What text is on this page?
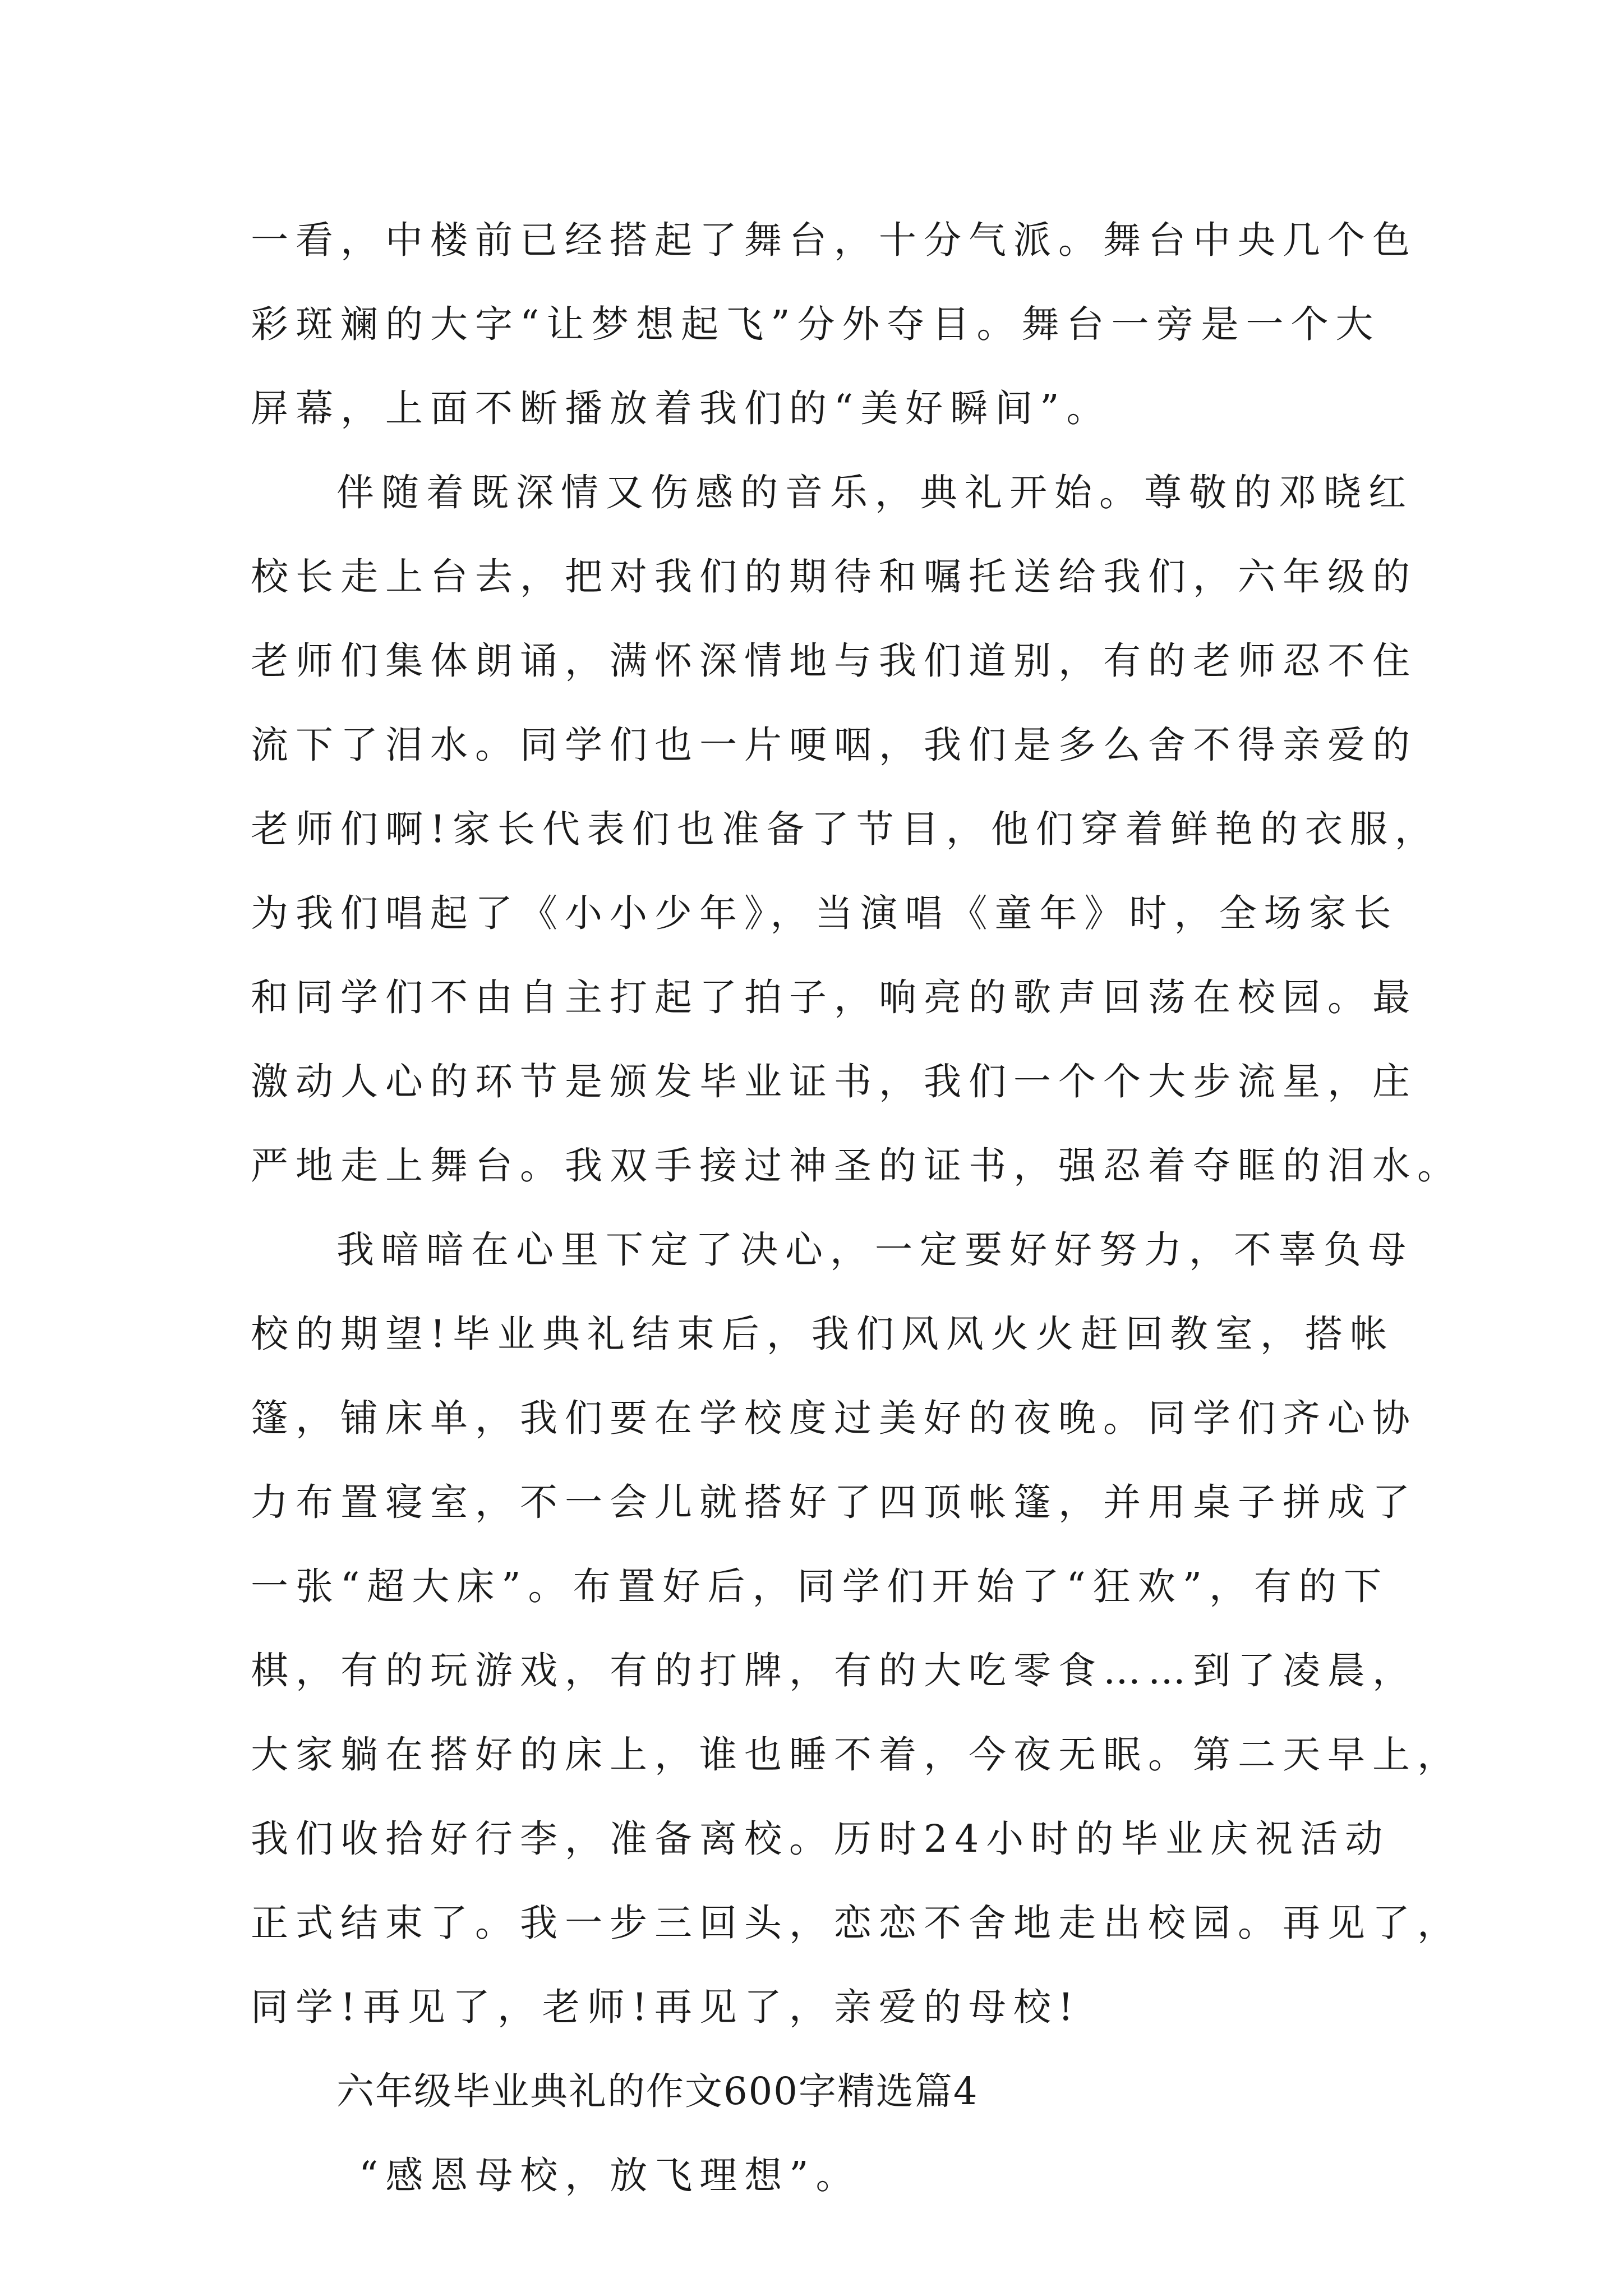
一看，中楼前已经搭起了舞台，十分气派。舞台中央几个色
彩斑斓的大字“让梦想起飞”分外夺目。舞台一旁是一个大
屏幕，上面不断播放着我们的“美好瞬间”。
伴随着既深情又伤感的音乐，典礼开始。尊敬的邓晓红
校长走上台去，把对我们的期待和嘱托送给我们，六年级的
老师们集体朗诵，满怀深情地与我们道别，有的老师忍不住
流下了泪水。同学们也一片哽咽，我们是多么舍不得亲爱的
老师们啊!家长代表们也准备了节目，他们穿着鲜艳的衣服，
为我们唱起了《小小少年》，当演唱《童年》时，全场家长
和同学们不由自主打起了拍子，响亮的歌声回荡在校园。最
激动人心的环节是颁发毕业证书，我们一个个大步流星，庄
严地走上舞台。我双手接过神圣的证书，强忍着夺眶的泪水。
我暗暗在心里下定了决心，一定要好好努力，不辜负母
校的期望!毕业典礼结束后，我们风风火火赶回教室，搭帐
篷，铺床单，我们要在学校度过美好的夜晚。同学们齐心协
力布置寝室，不一会儿就搭好了四顶帐篷，并用桌子拼成了
一张“超大床”。布置好后，同学们开始了“狂欢”，有的下
棋，有的玩游戏，有的打牌，有的大吃零食……到了凌晨，
大家躺在搭好的床上，谁也睡不着，今夜无眠。第二天早上，
我们收拾好行李，准备离校。历时24小时的毕业庆祝活动
正式结束了。我一步三回头，恋恋不舍地走出校园。再见了，
同学!再见了，老师!再见了，亲爱的母校!
六年级毕业典礼的作文600字精选篇4
“感恩母校，放飞理想”。
